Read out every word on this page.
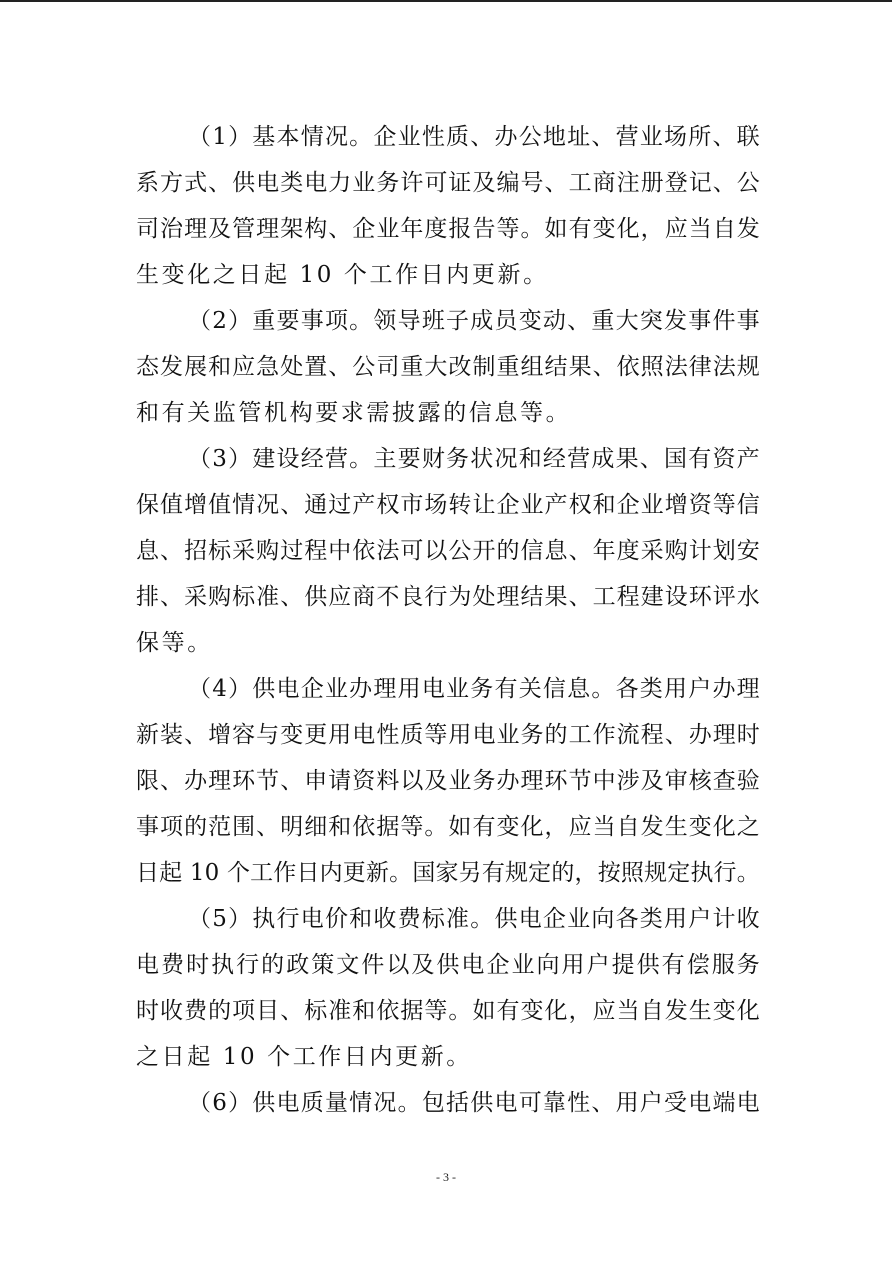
（ 1 ） 基 本 情 况 。 企 业 性 质 、 办 公 地 址 、 营 业 场 所 、 联
系 方 式 、 供 电 类 电 力 业 务 许 可 证 及 编 号 、 工 商 注 册 登 记 、 公
司 治 理 及 管 理 架 构 、 企 业 年 度 报 告 等 。 如 有 变 化 ， 应 当 自 发
生变化之日起 10 个工作日内更新。
（ 2 ） 重 要 事 项 。 领 导 班 子 成 员 变 动 、 重 大 突 发 事 件 事
态 发 展 和 应 急 处 置 、 公 司 重 大 改 制 重 组 结 果 、 依 照 法 律 法 规
和有关监管机构要求需披露的信息等。
（ 3 ） 建 设 经 营 。 主 要 财 务 状 况 和 经 营 成 果 、 国 有 资 产
保 值 增 值 情 况 、 通 过 产 权 市 场 转 让 企 业 产 权 和 企 业 增 资 等 信
息 、 招 标 采 购 过 程 中 依 法 可 以 公 开 的 信 息 、 年 度 采 购 计 划 安
排 、 采 购 标 准 、 供 应 商 不 良 行 为 处 理 结 果 、 工 程 建 设 环 评 水
保等。
（ 4 ） 供 电 企 业 办 理 用 电 业 务 有 关 信 息 。 各 类 用 户 办 理
新 装 、 增 容 与 变 更 用 电 性 质 等 用 电 业 务 的 工 作 流 程 、 办 理 时
限 、 办 理 环 节 、 申 请 资 料 以 及 业 务 办 理 环 节 中 涉 及 审 核 查 验
事 项 的 范 围 、 明 细 和 依 据 等 。 如 有 变 化 ， 应 当 自 发 生 变 化 之
日 起
1 0
个 工 作 日 内 更 新 。 国 家 另 有 规 定 的 ， 按 照 规 定 执 行 。
（ 5 ） 执 行 电 价 和 收 费 标 准 。 供 电 企 业 向 各 类 用 户 计 收
电 费 时 执 行 的 政 策 文 件 以 及 供 电 企 业 向 用 户 提 供 有 偿 服 务
时 收 费 的 项 目 、 标 准 和 依 据 等 。 如 有 变 化 ， 应 当 自 发 生 变 化
之日起 10 个工作日内更新。
（ 6 ） 供 电 质 量 情 况 。 包 括 供 电 可 靠 性 、 用 户 受 电 端 电
- 3 -
